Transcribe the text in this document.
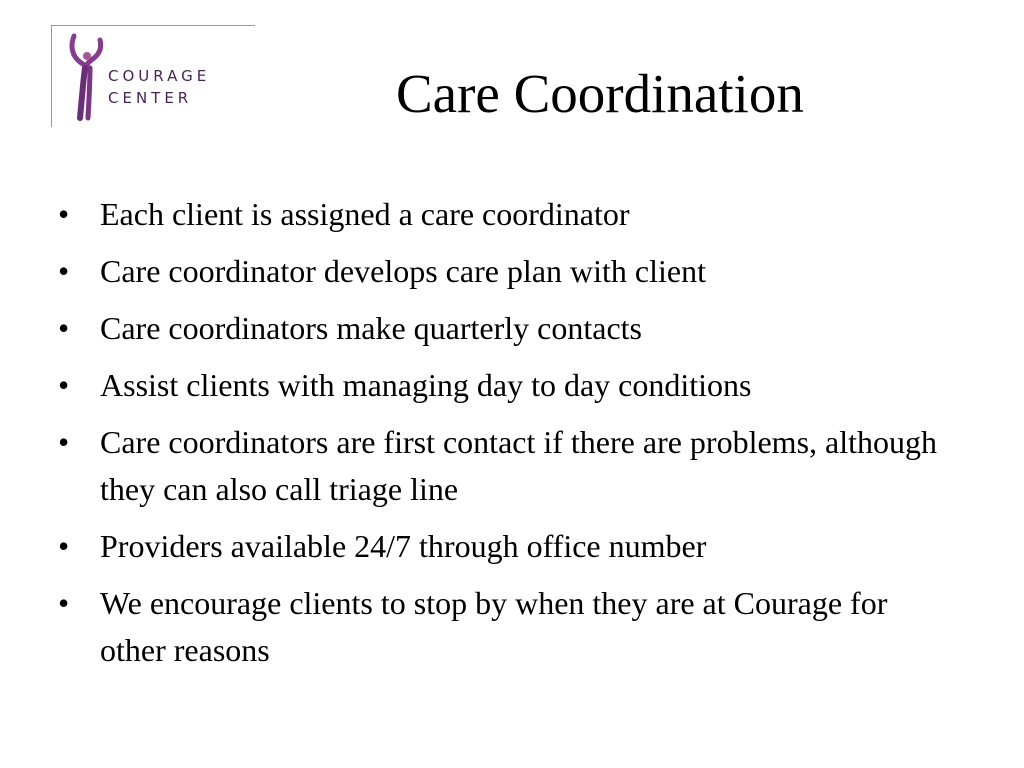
COURAGE
CENTER	Care Coordination
• Each client is assigned a care coordinator
• Care coordinator develops care plan with client
• Care coordinators make quarterly contacts
• Assist clients with managing day to day conditions
• Care coordinators are first contact if there are problems, although they can also call triage line
• Providers available 24/7 through office number
• We encourage clients to stop by when they are at Courage for other reasons
